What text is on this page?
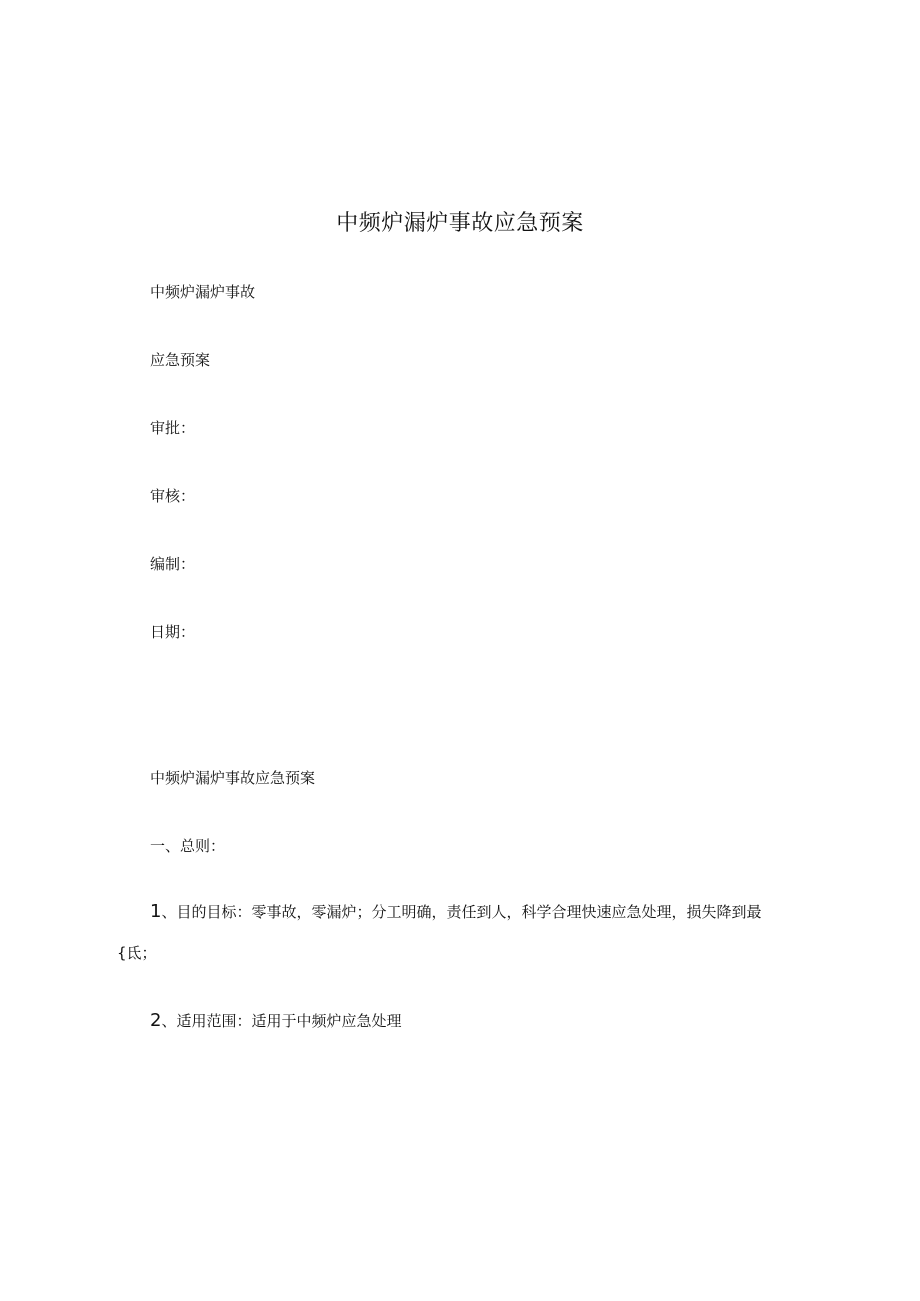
中频炉漏炉事故应急预案
中频炉漏炉事故
应急预案
审批：
审核：
编制：
日期：
中频炉漏炉事故应急预案
一、总则：
1、目的目标：零事故，零漏炉；分工明确，责任到人，科学合理快速应急处理，损失降到最
{氐；
2、适用范围：适用于中频炉应急处理
